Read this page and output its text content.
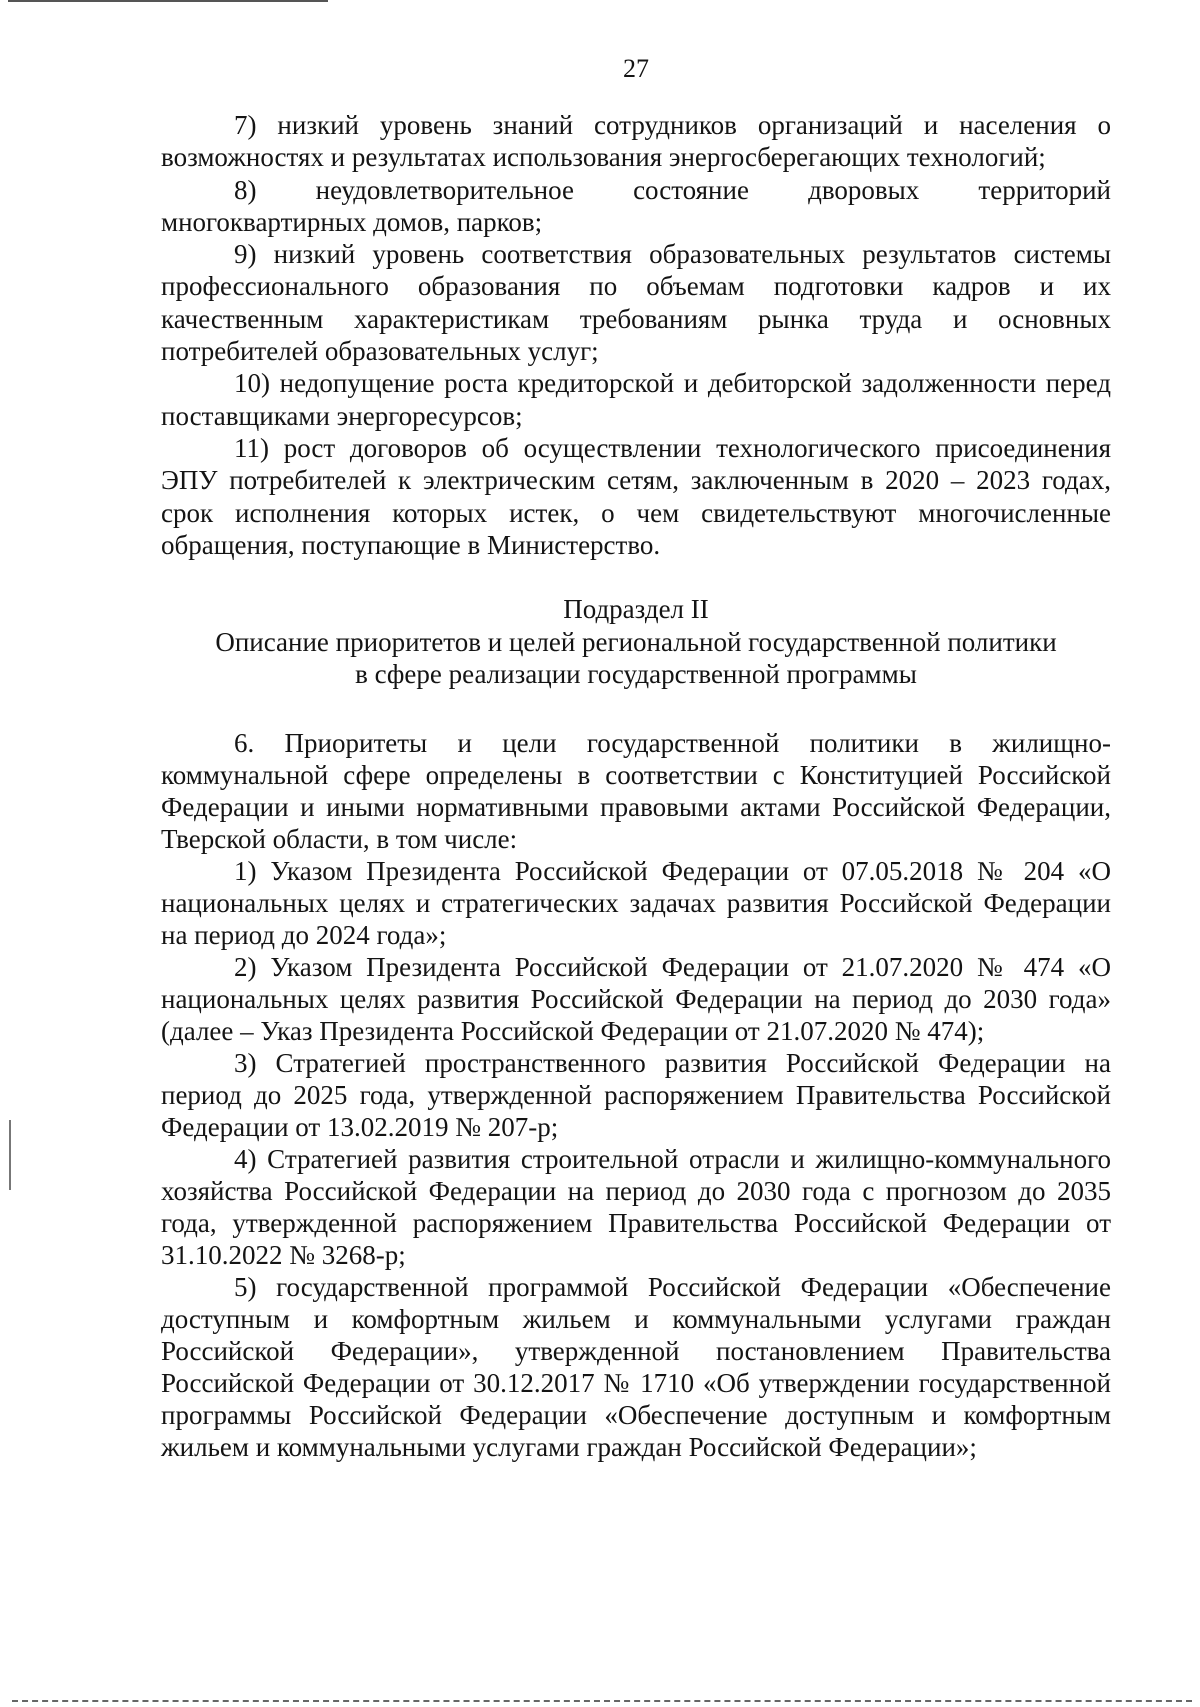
27

7) низкий уровень знаний сотрудников организаций и населения о возможностях и результатах использования энергосберегающих технологий;

8) неудовлетворительное состояние дворовых территорий многоквартирных домов, парков;

9) низкий уровень соответствия образовательных результатов системы профессионального образования по объемам подготовки кадров и их качественным характеристикам требованиям рынка труда и основных потребителей образовательных услуг;

10) недопущение роста кредиторской и дебиторской задолженности перед поставщиками энергоресурсов;

11) рост договоров об осуществлении технологического присоединения ЭПУ потребителей к электрическим сетям, заключенным в 2020 – 2023 годах, срок исполнения которых истек, о чем свидетельствуют многочисленные обращения, поступающие в Министерство.

Подраздел II
Описание приоритетов и целей региональной государственной политики
в сфере реализации государственной программы

6. Приоритеты и цели государственной политики в жилищно-коммунальной сфере определены в соответствии с Конституцией Российской Федерации и иными нормативными правовыми актами Российской Федерации, Тверской области, в том числе:

1) Указом Президента Российской Федерации от 07.05.2018 № 204 «О национальных целях и стратегических задачах развития Российской Федерации на период до 2024 года»;

2) Указом Президента Российской Федерации от 21.07.2020 № 474 «О национальных целях развития Российской Федерации на период до 2030 года» (далее – Указ Президента Российской Федерации от 21.07.2020 № 474);

3) Стратегией пространственного развития Российской Федерации на период до 2025 года, утвержденной распоряжением Правительства Российской Федерации от 13.02.2019 № 207-р;

4) Стратегией развития строительной отрасли и жилищно-коммунального хозяйства Российской Федерации на период до 2030 года с прогнозом до 2035 года, утвержденной распоряжением Правительства Российской Федерации от 31.10.2022 № 3268-р;

5) государственной программой Российской Федерации «Обеспечение доступным и комфортным жильем и коммунальными услугами граждан Российской Федерации», утвержденной постановлением Правительства Российской Федерации от 30.12.2017 № 1710 «Об утверждении государственной программы Российской Федерации «Обеспечение доступным и комфортным жильем и коммунальными услугами граждан Российской Федерации»;
